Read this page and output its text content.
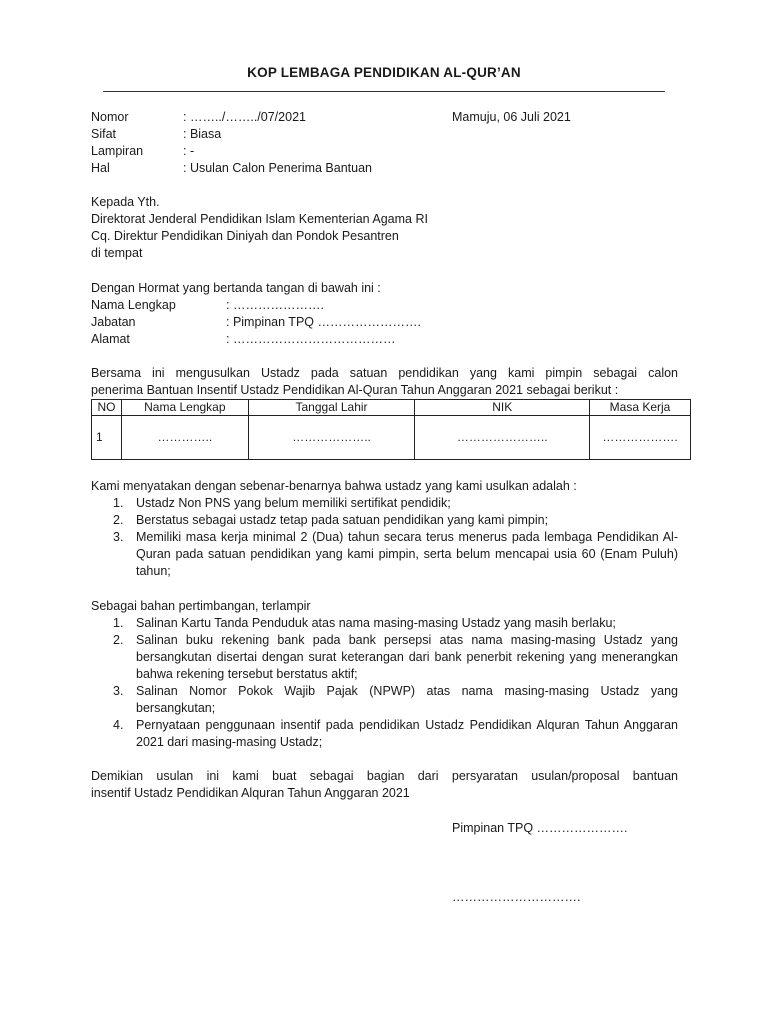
KOP LEMBAGA PENDIDIKAN AL-QUR’AN
Nomor	: ……../……../07/2021	Mamuju, 06 Juli 2021
Sifat	: Biasa
Lampiran	: -
Hal	: Usulan Calon Penerima Bantuan
Kepada Yth.
Direktorat Jenderal Pendidikan Islam Kementerian Agama RI
Cq. Direktur Pendidikan Diniyah dan Pondok Pesantren
di tempat
Dengan Hormat yang bertanda tangan di bawah ini :
Nama Lengkap	: ………………….
Jabatan	: Pimpinan TPQ …………………….
Alamat	: …………………………………
Bersama ini mengusulkan Ustadz pada satuan pendidikan yang kami pimpin sebagai calon
penerima Bantuan Insentif Ustadz Pendidikan Al-Quran Tahun Anggaran 2021 sebagai berikut :
NO	Nama Lengkap	Tanggal Lahir	NIK	Masa Kerja
1	…………..	………………..	…………………..	……………….
Kami menyatakan dengan sebenar-benarnya bahwa ustadz yang kami usulkan adalah :
1. Ustadz Non PNS yang belum memiliki sertifikat pendidik;
2. Berstatus sebagai ustadz tetap pada satuan pendidikan yang kami pimpin;
3. Memiliki masa kerja minimal 2 (Dua) tahun secara terus menerus pada lembaga Pendidikan Al-Quran pada satuan pendidikan yang kami pimpin, serta belum mencapai usia 60 (Enam Puluh) tahun;
Sebagai bahan pertimbangan, terlampir
1. Salinan Kartu Tanda Penduduk atas nama masing-masing Ustadz yang masih berlaku;
2. Salinan buku rekening bank pada bank persepsi atas nama masing-masing Ustadz yang bersangkutan disertai dengan surat keterangan dari bank penerbit rekening yang menerangkan bahwa rekening tersebut berstatus aktif;
3. Salinan Nomor Pokok Wajib Pajak (NPWP) atas nama masing-masing Ustadz yang bersangkutan;
4. Pernyataan penggunaan insentif pada pendidikan Ustadz Pendidikan Alquran Tahun Anggaran 2021 dari masing-masing Ustadz;
Demikian usulan ini kami buat sebagai bagian dari persyaratan usulan/proposal bantuan
insentif Ustadz Pendidikan Alquran Tahun Anggaran 2021
Pimpinan TPQ ………………….
………………………….
